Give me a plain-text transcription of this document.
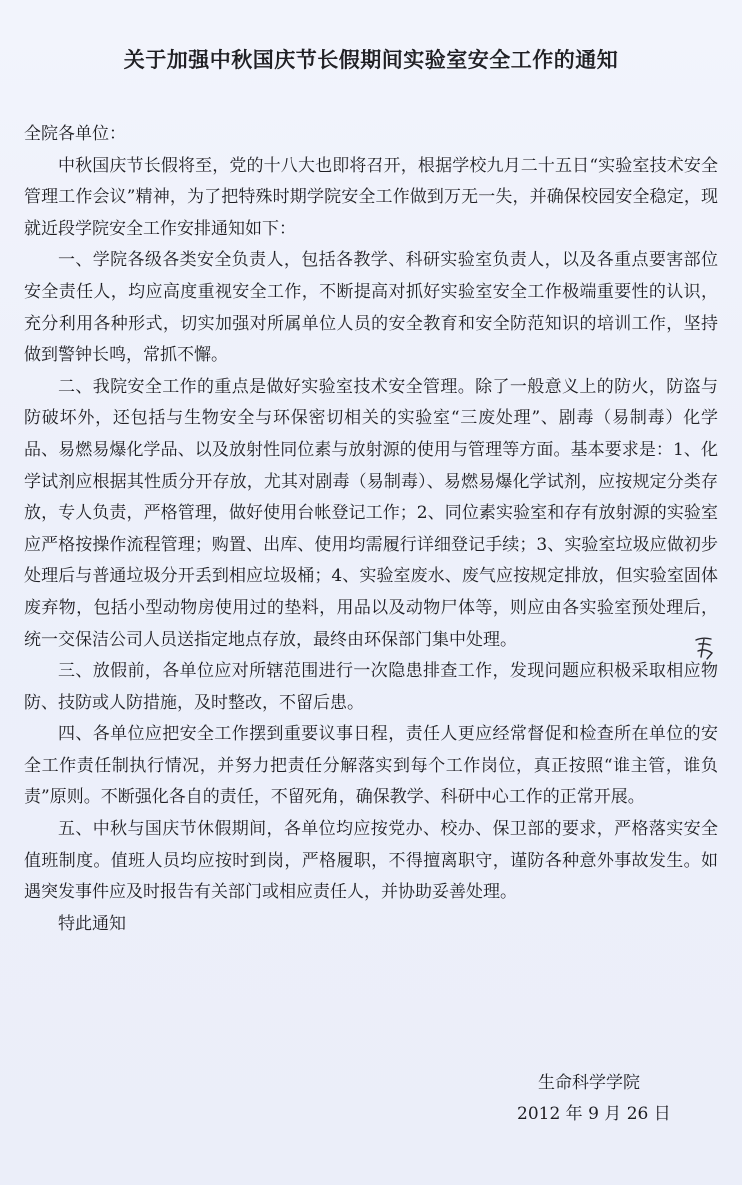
关于加强中秋国庆节长假期间实验室安全工作的通知

全院各单位：

中秋国庆节长假将至，党的十八大也即将召开，根据学校九月二十五日“实验室技术安全管理工作会议”精神，为了把特殊时期学院安全工作做到万无一失，并确保校园安全稳定，现就近段学院安全工作安排通知如下：

一、学院各级各类安全负责人，包括各教学、科研实验室负责人，以及各重点要害部位安全责任人，均应高度重视安全工作，不断提高对抓好实验室安全工作极端重要性的认识，充分利用各种形式，切实加强对所属单位人员的安全教育和安全防范知识的培训工作，坚持做到警钟长鸣，常抓不懈。

二、我院安全工作的重点是做好实验室技术安全管理。除了一般意义上的防火，防盗与防破坏外，还包括与生物安全与环保密切相关的实验室“三废处理”、剧毒（易制毒）化学品、易燃易爆化学品、以及放射性同位素与放射源的使用与管理等方面。基本要求是：1、化学试剂应根据其性质分开存放，尤其对剧毒（易制毒）、易燃易爆化学试剂，应按规定分类存放，专人负责，严格管理，做好使用台帐登记工作；2、同位素实验室和存有放射源的实验室应严格按操作流程管理；购置、出库、使用均需履行详细登记手续；3、实验室垃圾应做初步处理后与普通垃圾分开丢到相应垃圾桶；4、实验室废水、废气应按规定排放，但实验室固体废弃物，包括小型动物房使用过的垫料，用品以及动物尸体等，则应由各实验室预处理后，统一交保洁公司人员送指定地点存放，最终由环保部门集中处理。

三、放假前，各单位应对所辖范围进行一次隐患排查工作，发现问题应积极采取相应物防、技防或人防措施，及时整改，不留后患。

四、各单位应把安全工作摆到重要议事日程，责任人更应经常督促和检查所在单位的安全工作责任制执行情况，并努力把责任分解落实到每个工作岗位，真正按照“谁主管，谁负责”原则。不断强化各自的责任，不留死角，确保教学、科研中心工作的正常开展。

五、中秋与国庆节休假期间，各单位均应按党办、校办、保卫部的要求，严格落实安全值班制度。值班人员均应按时到岗，严格履职，不得擅离职守，谨防各种意外事故发生。如遇突发事件应及时报告有关部门或相应责任人，并协助妥善处理。

特此通知

生命科学学院
2012 年 9 月 26 日
